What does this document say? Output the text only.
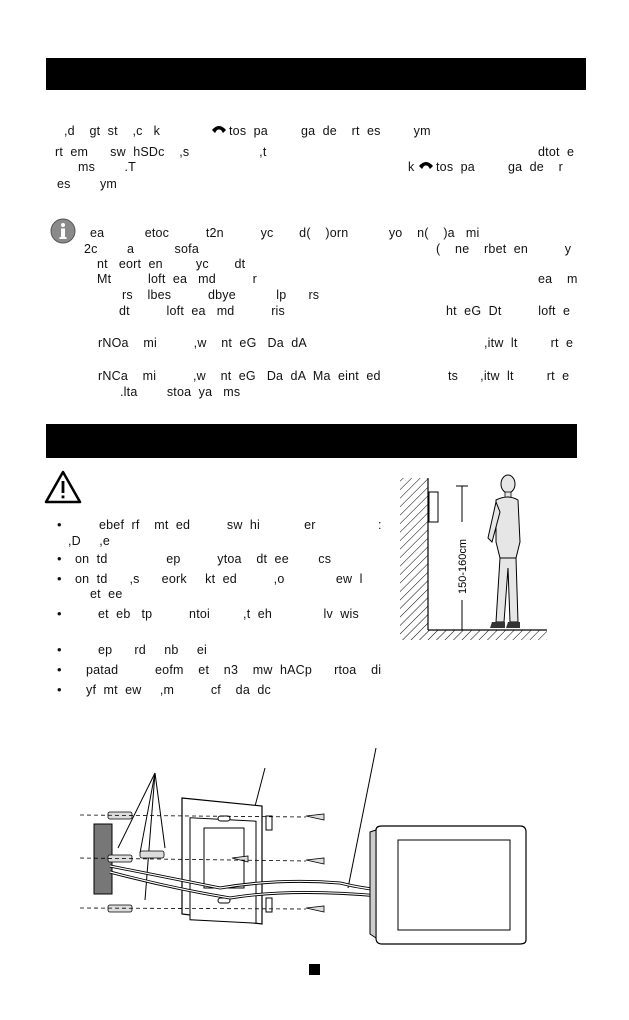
,d    gt  st    ,c   k	tos  pa         ga  de    rt  es         ym
rt  em      sw  hSDc    ,s                   ,t	dtot  e
ms        .T	k tos  pa         ga  de    r
es        ym
ea           etoc          t2n          yc       d(    )orn           yo    n(    )a   mi
2c        a           sofa	(    ne    rbet  en          y
nt   eort  en         yc       dt
Mt          loft  ea   md          r	ea    m
rs    lbes          dbye           lp      rs
dt          loft  ea   md          ris	ht  eG  Dt          loft  e
rNOa    mi          ,w    nt  eG   Da  dA	,itw  lt         rt  e
rNCa    mi          ,w    nt  eG   Da  dA  Ma  eint  ed	ts      ,itw  lt         rt  e
.lta        stoa  ya   ms
•	ebef  rf    mt  ed          sw  hi            er                 :
,D     ,e
• on  td                ep          ytoa    dt  ee        cs
• on  td      ,s      eork     kt  ed          ,o              ew  l
et  ee
•	et  eb   tp          ntoi         ,t  eh              lv  wis
•	ep      rd     nb     ei
• patad          eofm    et    n3    mw  hACp      rtoa    di
• yf  mt  ew     ,m          cf    da  dc
150-160cm
